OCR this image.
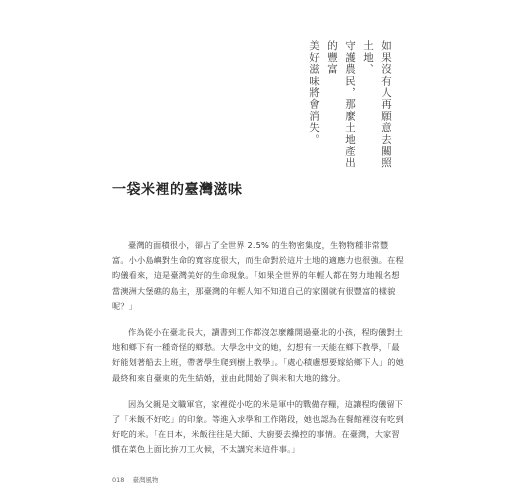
如果沒有人再願意去關照土地、
守護農民，那麼土地產出的豐富
美好滋味將會消失。
一袋米裡的臺灣滋味

臺灣的面積很小，卻占了全世界 2.5% 的生物密集度，生物物種非常豐富。小小島嶼對生命的寬容度很大，而生命對於這片土地的適應力也很強。在程昀儀看來，這是臺灣美好的生命現象。「如果全世界的年輕人都在努力地報名想當澳洲大堡礁的島主，那臺灣的年輕人知不知道自己的家園就有很豐富的樣貌呢？」

作為從小在臺北長大，讀書到工作都沒怎麼離開過臺北的小孩，程昀儀對土地和鄉下有一種奇怪的鄉愁。大學念中文的她，幻想有一天能在鄉下教學，「最好能划著船去上班，帶著學生爬到樹上教學」。「處心積慮想要嫁給鄉下人」的她最終和來自臺東的先生結婚，並由此開始了與米和大地的緣分。

因為父親是文職軍官，家裡從小吃的米是軍中的戰備存糧，這讓程昀儀留下了「米飯不好吃」的印象。等進入求學和工作階段，她也認為在餐館裡沒有吃到好吃的米。「在日本，米飯往往是大師、大廚要去操控的事情。在臺灣，大家習慣在菜色上面比拚刀工火候，不太講究米這件事。」

018 臺灣風物
